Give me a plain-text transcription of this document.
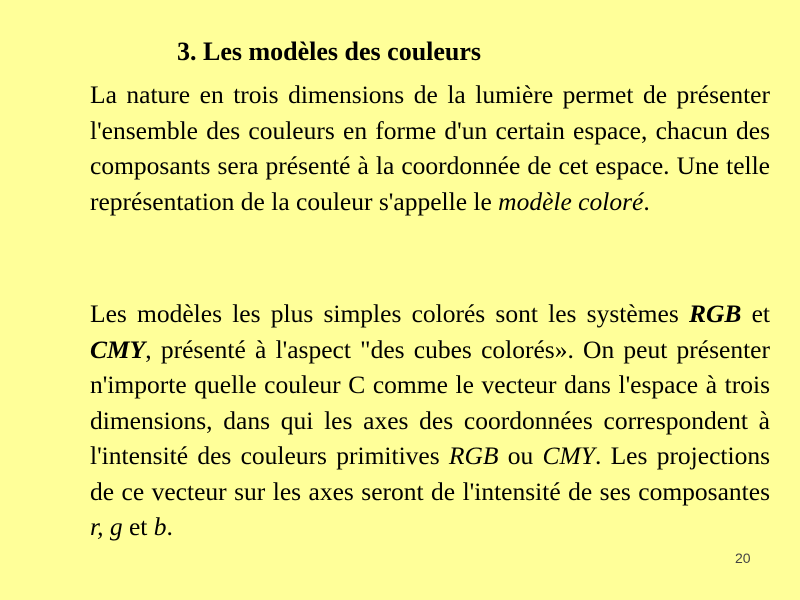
3. Les modèles des couleurs

La nature en trois dimensions de la lumière permet de présenter l'ensemble des couleurs en forme d'un certain espace, chacun des composants sera présenté à la coordonnée de cet espace. Une telle représentation de la couleur s'appelle le modèle coloré.

Les modèles les plus simples colorés sont les systèmes RGB et CMY, présenté à l'aspect "des cubes colorés». On peut présenter n'importe quelle couleur C comme le vecteur dans l'espace à trois dimensions, dans qui les axes des coordonnées correspondent à l'intensité des couleurs primitives RGB ou CMY. Les projections de ce vecteur sur les axes seront de l'intensité de ses composantes r, g et b.

20
